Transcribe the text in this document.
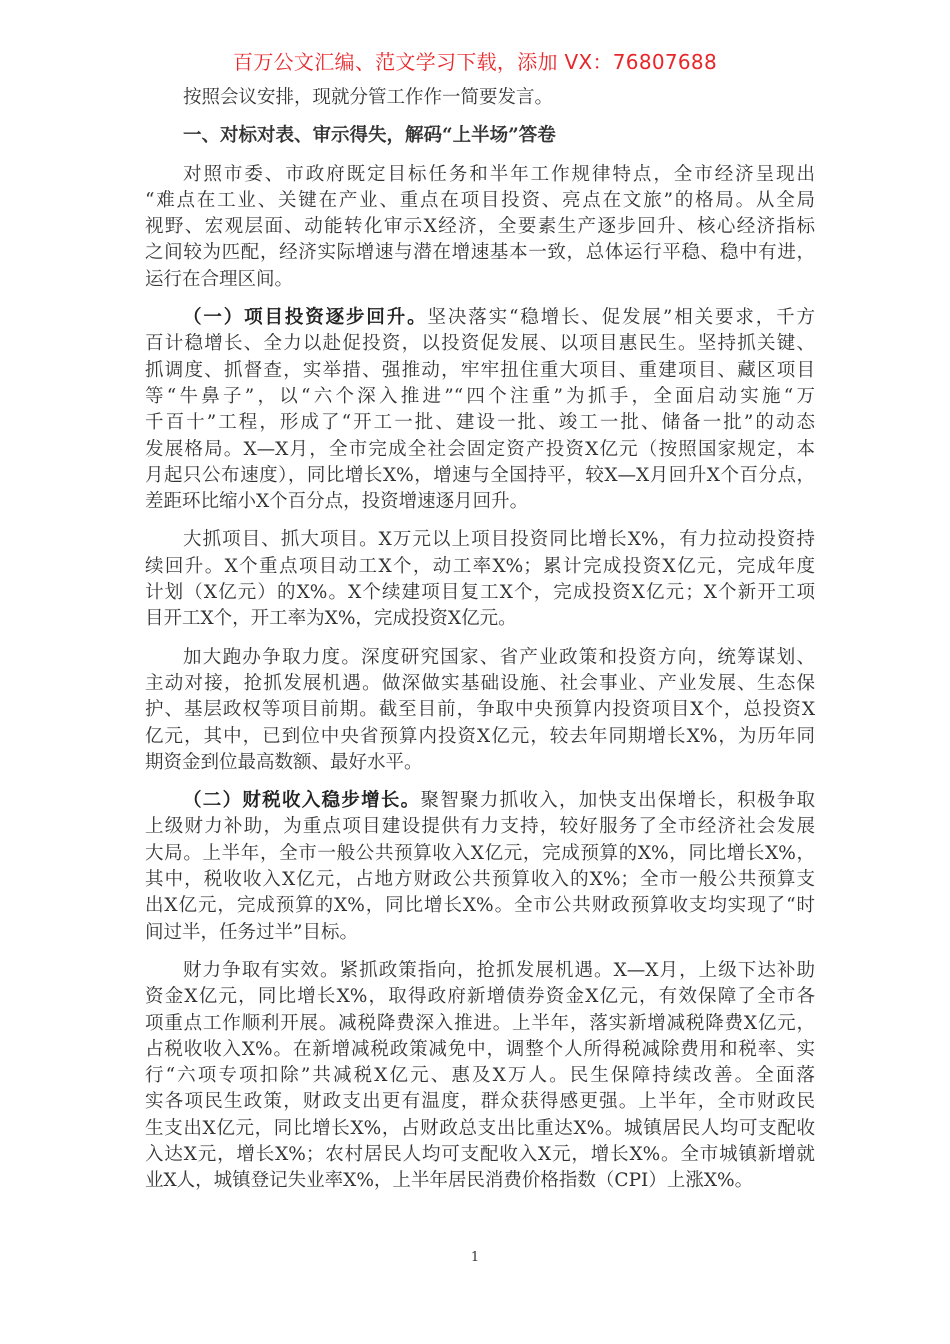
百万公文汇编、范文学习下载，添加 VX：76807688
按照会议安排，现就分管工作作一简要发言。
一、对标对表、审示得失，解码“上半场”答卷
对照市委、市政府既定目标任务和半年工作规律特点，全市经济呈现出
“难点在工业、关键在产业、重点在项目投资、亮点在文旅”的格局。从全局
视野、宏观层面、动能转化审示X经济，全要素生产逐步回升、核心经济指标
之间较为匹配，经济实际增速与潜在增速基本一致，总体运行平稳、稳中有进，
运行在合理区间。
（一）项目投资逐步回升。坚决落实“稳增长、促发展”相关要求，千方
百计稳增长、全力以赴促投资，以投资促发展、以项目惠民生。坚持抓关键、
抓调度、抓督查，实举措、强推动，牢牢扭住重大项目、重建项目、藏区项目
等“牛鼻子”，以“六个深入推进”“四个注重”为抓手，全面启动实施“万
千百十”工程，形成了“开工一批、建设一批、竣工一批、储备一批”的动态
发展格局。X—X月，全市完成全社会固定资产投资X亿元（按照国家规定，本
月起只公布速度），同比增长X%，增速与全国持平，较X—X月回升X个百分点，
差距环比缩小X个百分点，投资增速逐月回升。
大抓项目、抓大项目。X万元以上项目投资同比增长X%，有力拉动投资持
续回升。X个重点项目动工X个，动工率X%；累计完成投资X亿元，完成年度
计划（X亿元）的X%。X个续建项目复工X个，完成投资X亿元；X个新开工项
目开工X个，开工率为X%，完成投资X亿元。
加大跑办争取力度。深度研究国家、省产业政策和投资方向，统筹谋划、
主动对接，抢抓发展机遇。做深做实基础设施、社会事业、产业发展、生态保
护、基层政权等项目前期。截至目前，争取中央预算内投资项目X个，总投资X
亿元，其中，已到位中央省预算内投资X亿元，较去年同期增长X%，为历年同
期资金到位最高数额、最好水平。
（二）财税收入稳步增长。聚智聚力抓收入，加快支出保增长，积极争取
上级财力补助，为重点项目建设提供有力支持，较好服务了全市经济社会发展
大局。上半年，全市一般公共预算收入X亿元，完成预算的X%，同比增长X%，
其中，税收收入X亿元，占地方财政公共预算收入的X%；全市一般公共预算支
出X亿元，完成预算的X%，同比增长X%。全市公共财政预算收支均实现了“时
间过半，任务过半”目标。
财力争取有实效。紧抓政策指向，抢抓发展机遇。X—X月，上级下达补助
资金X亿元，同比增长X%，取得政府新增债券资金X亿元，有效保障了全市各
项重点工作顺利开展。减税降费深入推进。上半年，落实新增减税降费X亿元，
占税收收入X%。在新增减税政策减免中，调整个人所得税减除费用和税率、实
行“六项专项扣除”共减税X亿元、惠及X万人。民生保障持续改善。全面落
实各项民生政策，财政支出更有温度，群众获得感更强。上半年，全市财政民
生支出X亿元，同比增长X%，占财政总支出比重达X%。城镇居民人均可支配收
入达X元，增长X%；农村居民人均可支配收入X元，增长X%。全市城镇新增就
业X人，城镇登记失业率X%，上半年居民消费价格指数（CPI）上涨X%。
1
